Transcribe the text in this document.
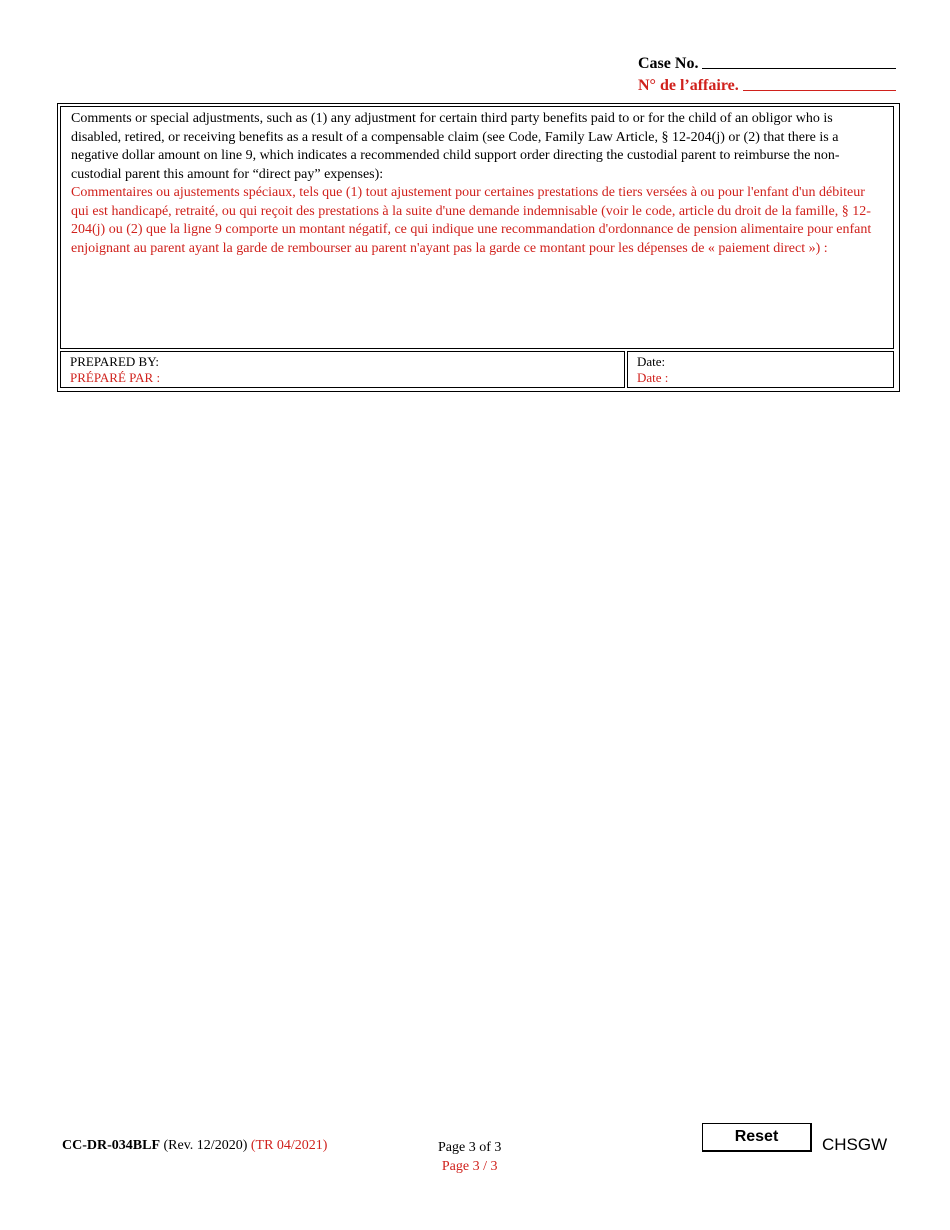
Case No.
N° de l’affaire.

Comments or special adjustments, such as (1) any adjustment for certain third party benefits paid to or for the child of an obligor who is disabled, retired, or receiving benefits as a result of a compensable claim (see Code, Family Law Article, § 12-204(j) or (2) that there is a negative dollar amount on line 9, which indicates a recommended child support order directing the custodial parent to reimburse the non-custodial parent this amount for “direct pay” expenses):

Commentaires ou ajustements spéciaux, tels que (1) tout ajustement pour certaines prestations de tiers versées à ou pour l'enfant d'un débiteur qui est handicapé, retraité, ou qui reçoit des prestations à la suite d'une demande indemnisable (voir le code, article du droit de la famille, § 12-204(j) ou (2) que la ligne 9 comporte un montant négatif, ce qui indique une recommandation d'ordonnance de pension alimentaire pour enfant enjoignant au parent ayant la garde de rembourser au parent n'ayant pas la garde ce montant pour les dépenses de « paiement direct ») :

PREPARED BY:
PRÉPARÉ PAR :
Date:
Date :
CC-DR-034BLF (Rev. 12/2020) (TR 04/2021)	Page 3 of 3
Page 3 / 3
Reset	CHSGW
